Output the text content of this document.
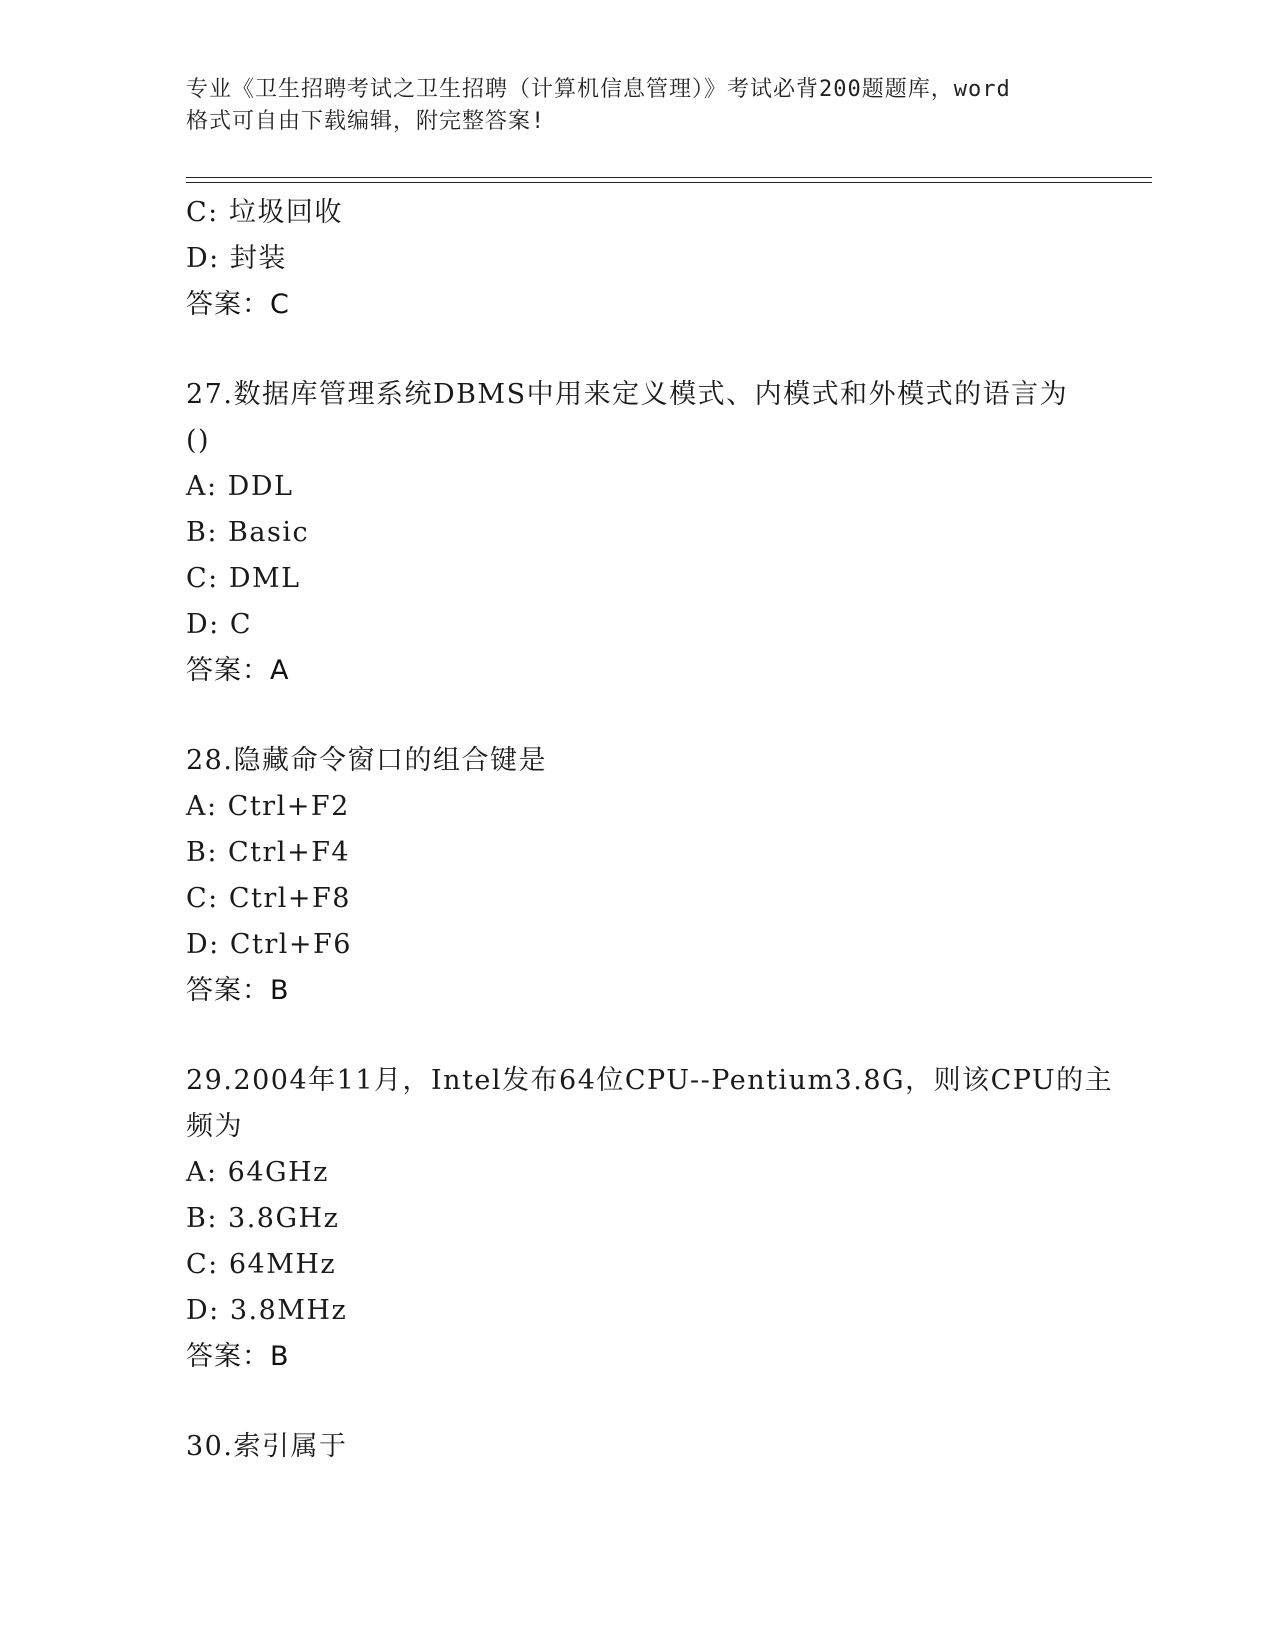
专业《卫生招聘考试之卫生招聘（计算机信息管理）》考试必背200题题库，word
格式可自由下载编辑，附完整答案!
C: 垃圾回收
D: 封装
答案：C
27.数据库管理系统DBMS中用来定义模式、内模式和外模式的语言为
()
A: DDL
B: Basic
C: DML
D: C
答案：A
28.隐藏命令窗口的组合键是
A: Ctrl+F2
B: Ctrl+F4
C: Ctrl+F8
D: Ctrl+F6
答案：B
29.2004年11月，Intel发布64位CPU--Pentium3.8G，则该CPU的主
频为
A: 64GHz
B: 3.8GHz
C: 64MHz
D: 3.8MHz
答案：B
30.索引属于
